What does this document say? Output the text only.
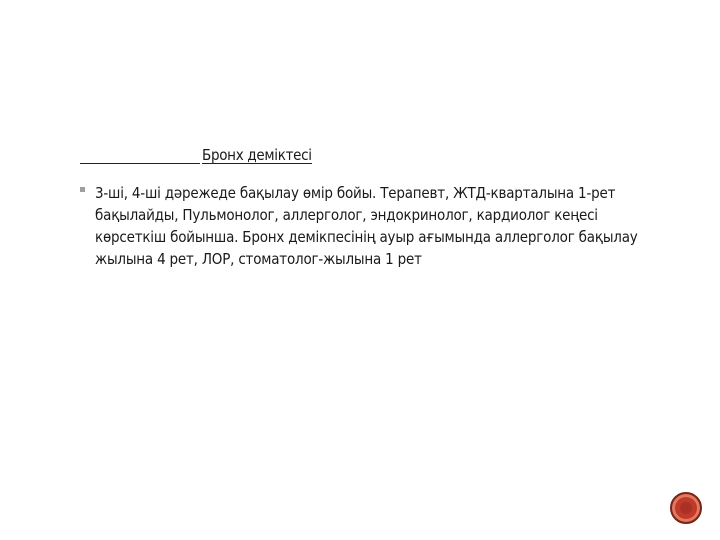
Бронх деміктесі
3-ші, 4-ші дәрежеде бақылау өмір бойы. Терапевт, ЖТД-кварталына 1-рет
бақылайды, Пульмонолог, аллерголог, эндокринолог, кардиолог кеңесі
көрсеткіш бойынша. Бронх демікпесінің ауыр ағымында аллерголог бақылау
жылына 4 рет, ЛОР, стоматолог-жылына 1 рет
